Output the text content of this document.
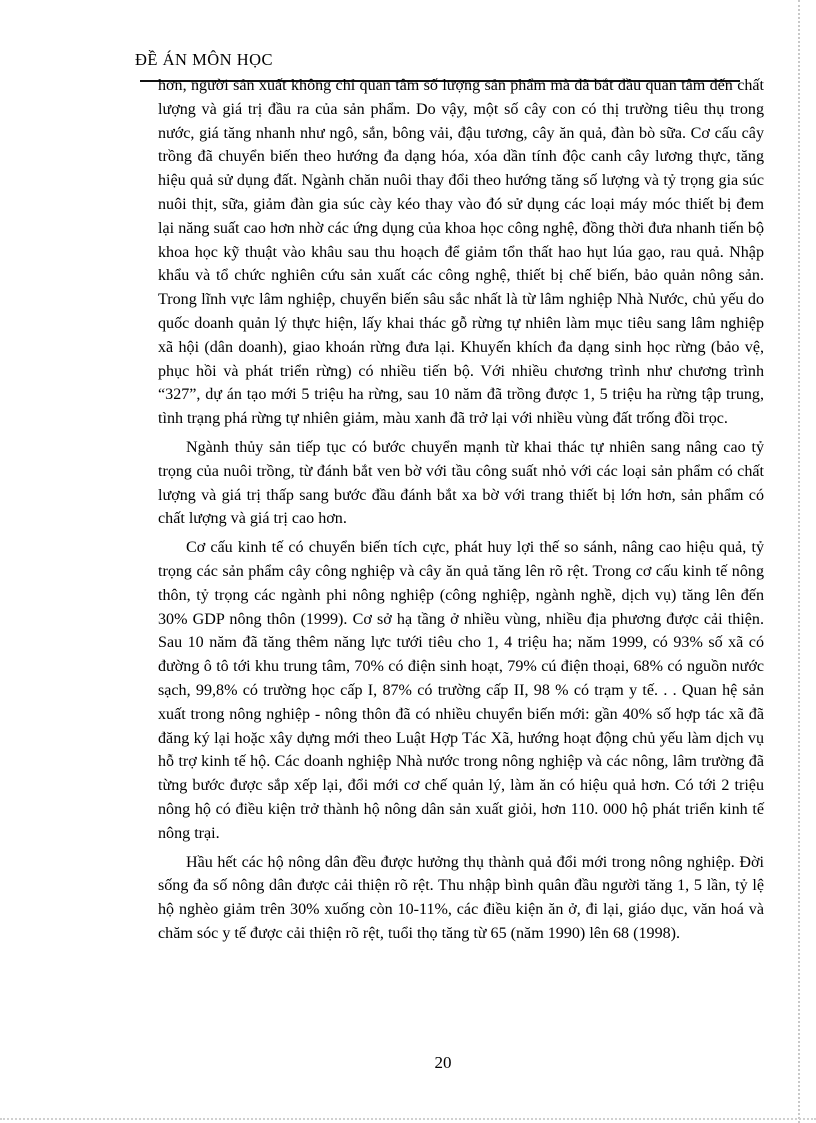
ĐỀ ÁN MÔN HỌC

hơn, người sản xuất không chỉ quan tâm số lượng sản phẩm mà đã bắt đầu quan tâm đến chất lượng và giá trị đầu ra của sản phẩm. Do vậy, một số cây con có thị trường tiêu thụ trong nước, giá tăng nhanh như ngô, sắn, bông vải, đậu tương, cây ăn quả, đàn bò sữa. Cơ cấu cây trồng đã chuyển biến theo hướng đa dạng hóa, xóa dần tính độc canh cây lương thực, tăng hiệu quả sử dụng đất. Ngành chăn nuôi thay đổi theo hướng tăng số lượng và tỷ trọng gia súc nuôi thịt, sữa, giảm đàn gia súc cày kéo thay vào đó sử dụng các loại máy móc thiết bị đem lại năng suất cao hơn nhờ các ứng dụng của khoa học công nghệ, đồng thời đưa nhanh tiến bộ khoa học kỹ thuật vào khâu sau thu hoạch để giảm tổn thất hao hụt lúa gạo, rau quả. Nhập khẩu và tổ chức nghiên cứu sản xuất các công nghệ, thiết bị chế biến, bảo quản nông sản. Trong lĩnh vực lâm nghiệp, chuyển biến sâu sắc nhất là từ lâm nghiệp Nhà Nước, chủ yếu do quốc doanh quản lý thực hiện, lấy khai thác gỗ rừng tự nhiên làm mục tiêu sang lâm nghiệp xã hội (dân doanh), giao khoán rừng đưa lại. Khuyến khích đa dạng sinh học rừng (bảo vệ, phục hồi và phát triển rừng) có nhiều tiến bộ. Với nhiều chương trình như chương trình “327”, dự án tạo mới 5 triệu ha rừng, sau 10 năm đã trồng được 1, 5 triệu ha rừng tập trung, tình trạng phá rừng tự nhiên giảm, màu xanh đã trở lại với nhiều vùng đất trống đồi trọc.

Ngành thủy sản tiếp tục có bước chuyển mạnh từ khai thác tự nhiên sang nâng cao tỷ trọng của nuôi trồng, từ đánh bắt ven bờ với tầu công suất nhỏ với các loại sản phẩm có chất lượng và giá trị thấp sang bước đầu đánh bắt xa bờ với trang thiết bị lớn hơn, sản phẩm có chất lượng và giá trị cao hơn.

Cơ cấu kinh tế có chuyển biến tích cực, phát huy lợi thế so sánh, nâng cao hiệu quả, tỷ trọng các sản phẩm cây công nghiệp và cây ăn quả tăng lên rõ rệt. Trong cơ cấu kinh tế nông thôn, tỷ trọng các ngành phi nông nghiệp (công nghiệp, ngành nghề, dịch vụ) tăng lên đến 30% GDP nông thôn (1999). Cơ sở hạ tầng ở nhiều vùng, nhiều địa phương được cải thiện. Sau 10 năm đã tăng thêm năng lực tưới tiêu cho 1, 4 triệu ha; năm 1999, có 93% số xã có đường ô tô tới khu trung tâm, 70% có điện sinh hoạt, 79% cú điện thoại, 68% có nguồn nước sạch, 99,8% có trường học cấp I, 87% có trường cấp II, 98 % có trạm y tế. . . Quan hệ sản xuất trong nông nghiệp - nông thôn đã có nhiều chuyển biến mới: gần 40% số hợp tác xã đã đăng ký lại hoặc xây dựng mới theo Luật Hợp Tác Xã, hướng hoạt động chủ yếu làm dịch vụ hỗ trợ kinh tế hộ. Các doanh nghiệp Nhà nước trong nông nghiệp và các nông, lâm trường đã từng bước được sắp xếp lại, đổi mới cơ chế quản lý, làm ăn có hiệu quả hơn. Có tới 2 triệu nông hộ có điều kiện trở thành hộ nông dân sản xuất giỏi, hơn 110. 000 hộ phát triển kinh tế nông trại.

Hầu hết các hộ nông dân đều được hưởng thụ thành quả đổi mới trong nông nghiệp. Đời sống đa số nông dân được cải thiện rõ rệt. Thu nhập bình quân đầu người tăng 1, 5 lần, tỷ lệ hộ nghèo giảm trên 30% xuống còn 10-11%, các điều kiện ăn ở, đi lại, giáo dục, văn hoá và chăm sóc y tế được cải thiện rõ rệt, tuổi thọ tăng từ 65 (năm 1990) lên 68 (1998).

20
